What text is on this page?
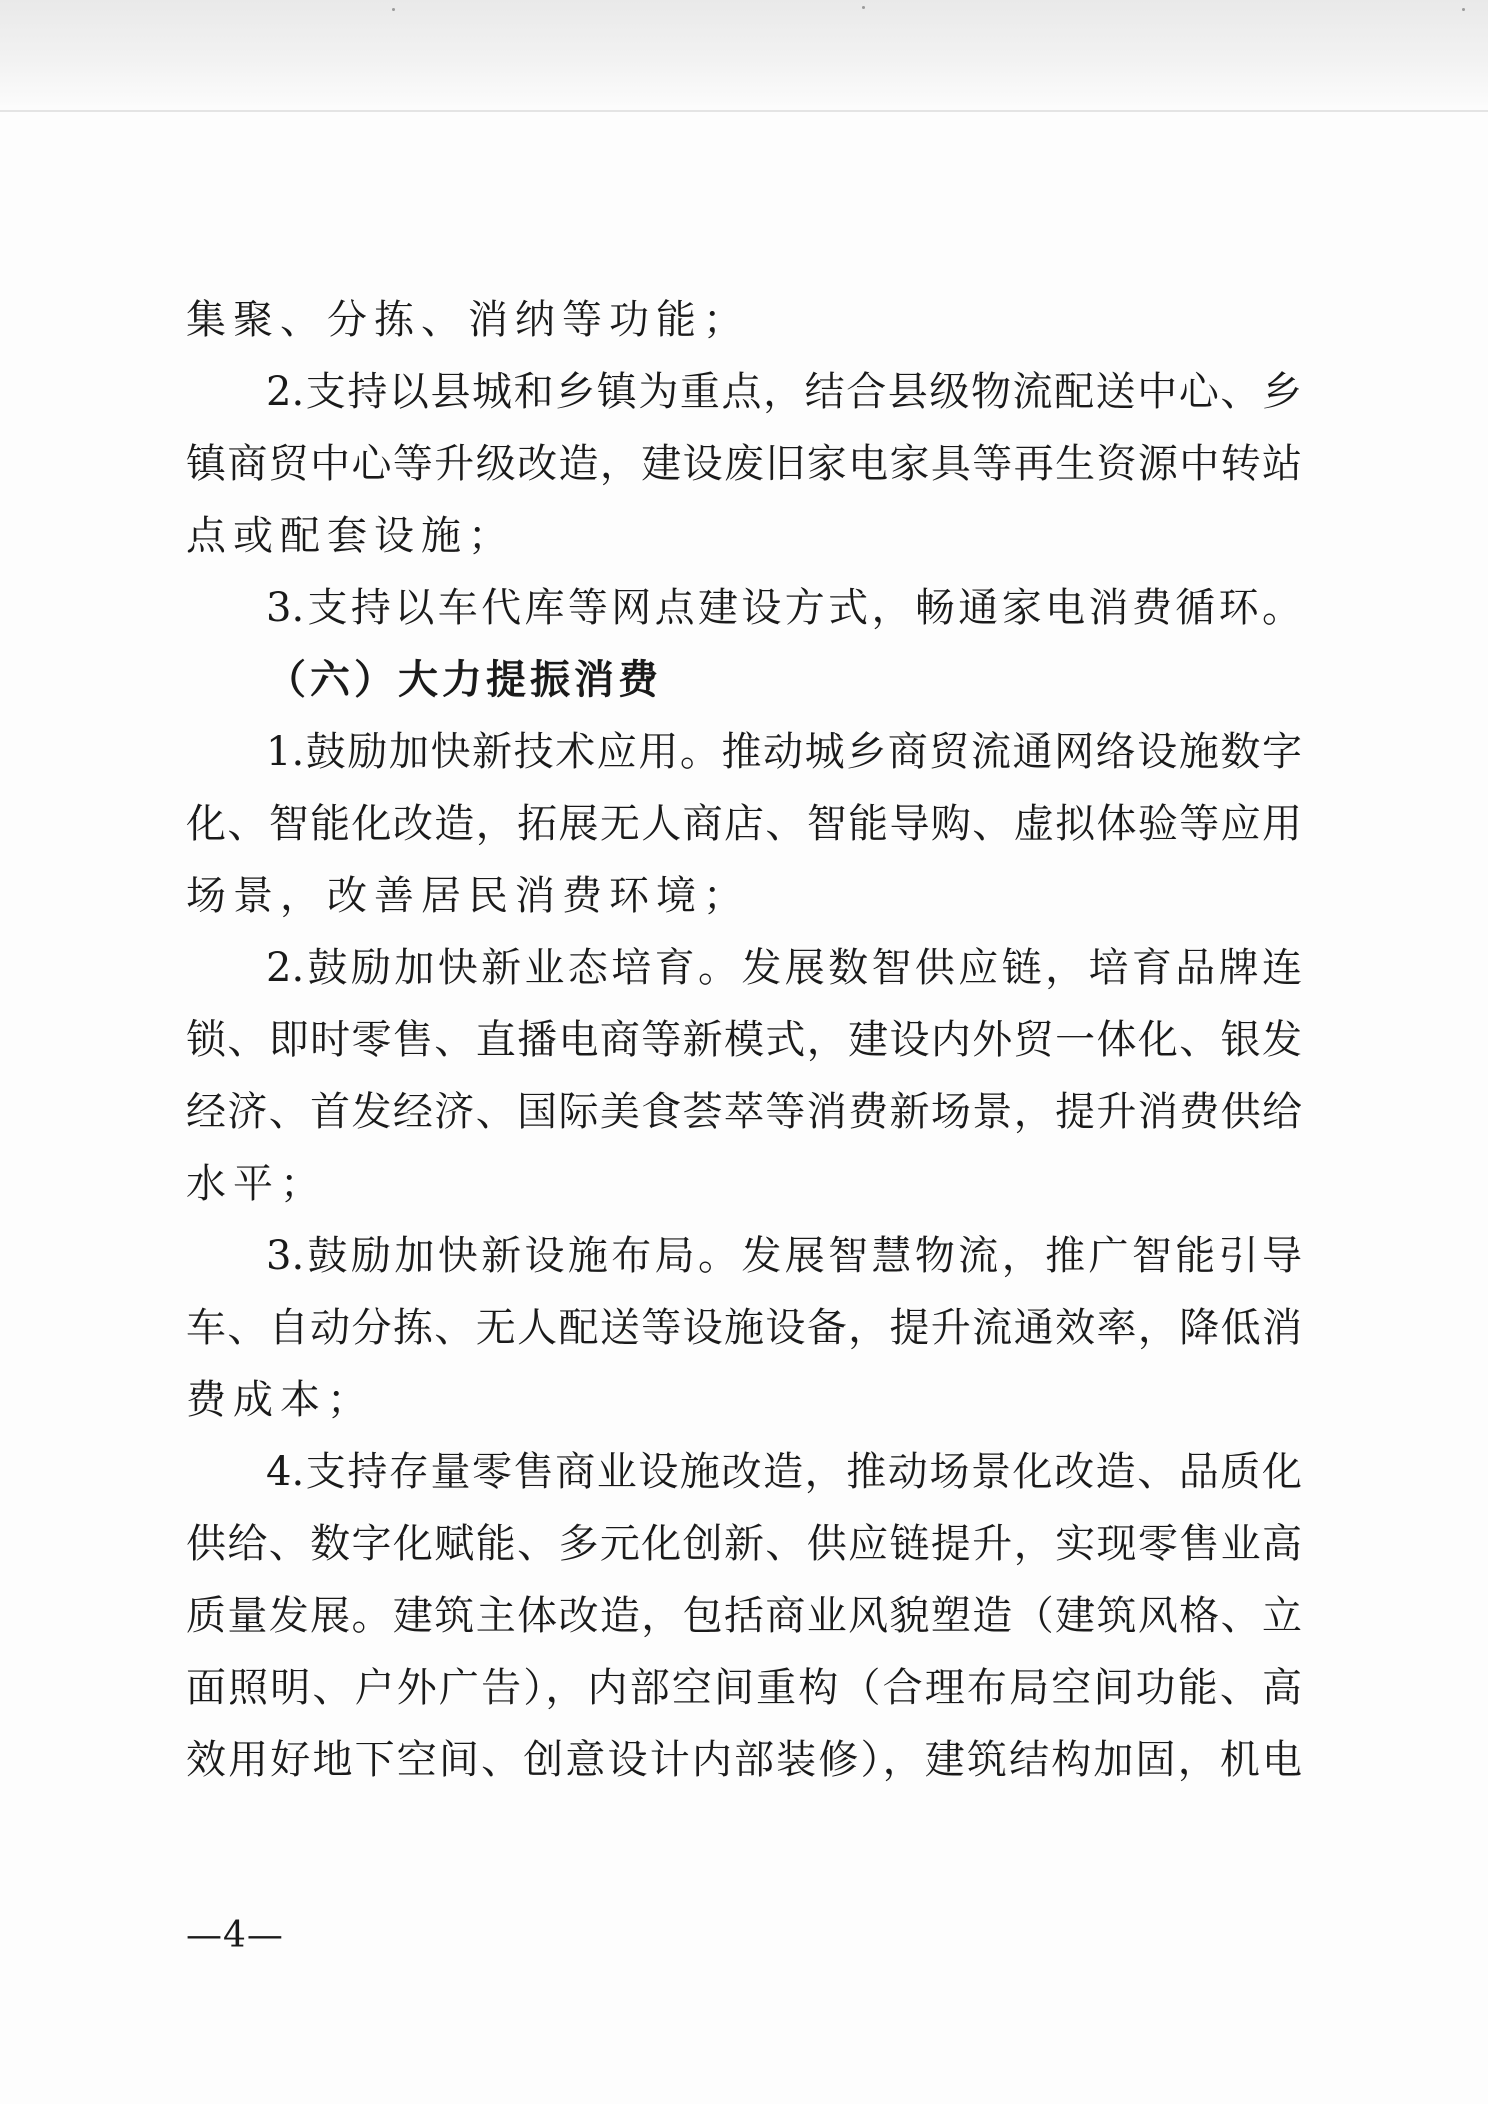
集聚、分拣、消纳等功能；
2.支持以县城和乡镇为重点，结合县级物流配送中心、乡
镇商贸中心等升级改造，建设废旧家电家具等再生资源中转站
点或配套设施；
3.支持以车代库等网点建设方式，畅通家电消费循环。
（六）大力提振消费
1.鼓励加快新技术应用。推动城乡商贸流通网络设施数字
化、智能化改造，拓展无人商店、智能导购、虚拟体验等应用
场景，改善居民消费环境；
2.鼓励加快新业态培育。发展数智供应链，培育品牌连
锁、即时零售、直播电商等新模式，建设内外贸一体化、银发
经济、首发经济、国际美食荟萃等消费新场景，提升消费供给
水平；
3.鼓励加快新设施布局。发展智慧物流，推广智能引导
车、自动分拣、无人配送等设施设备，提升流通效率，降低消
费成本；
4.支持存量零售商业设施改造，推动场景化改造、品质化
供给、数字化赋能、多元化创新、供应链提升，实现零售业高
质量发展。建筑主体改造，包括商业风貌塑造（建筑风格、立
面照明、户外广告），内部空间重构（合理布局空间功能、高
效用好地下空间、创意设计内部装修），建筑结构加固，机电
—4—
